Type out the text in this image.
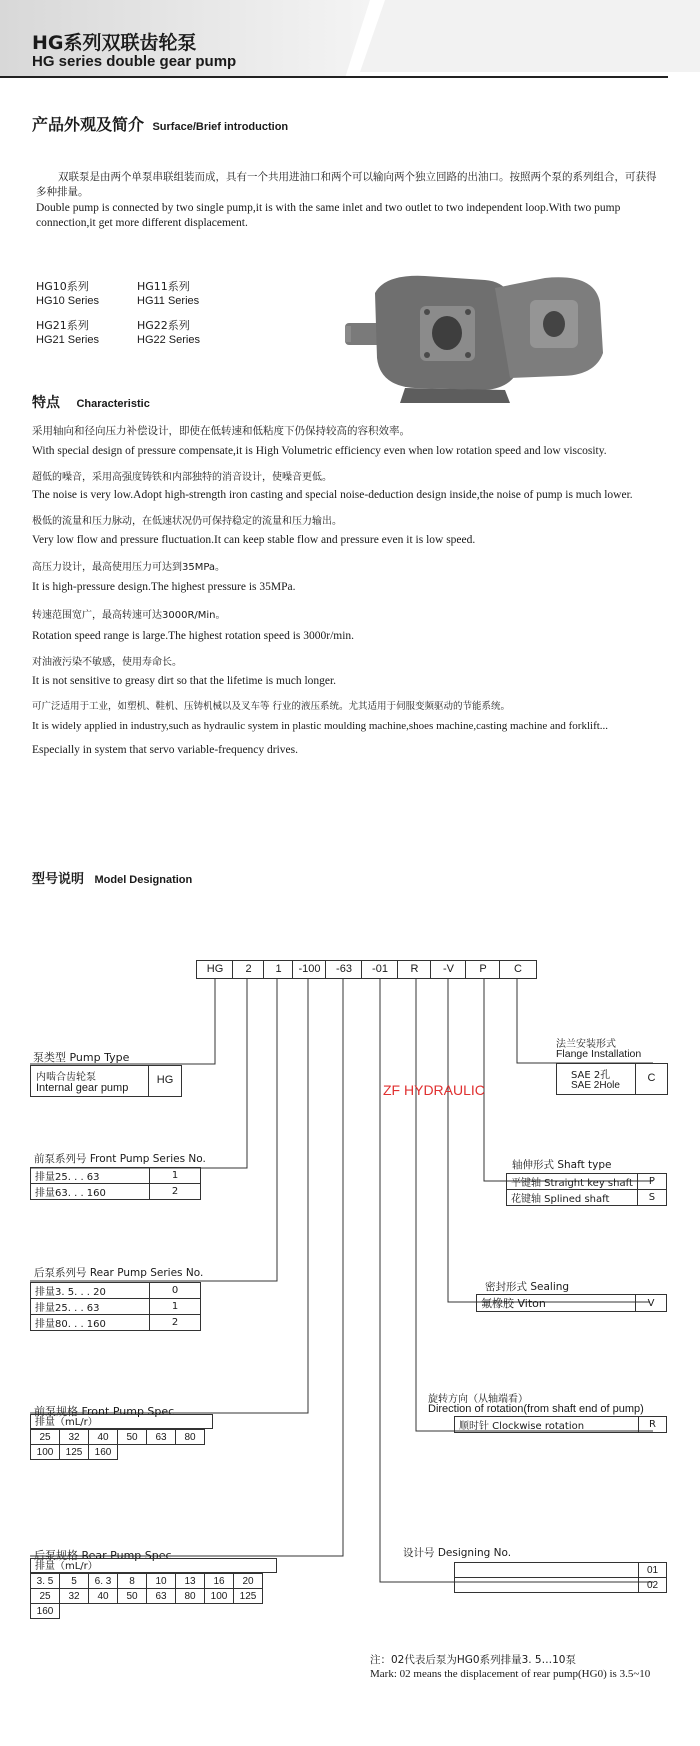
HG系列双联齿轮泵
HG series double gear pump
产品外观及简介 Surface/Brief introduction
双联泵是由两个单泵串联组装而成，具有一个共用进油口和两个可以输向两个独立回路的出油口。按照两个泵的系列组合，可获得多种排量。
Double pump is connected by two single pump,it is with the same inlet and two outlet to two independent loop.With two pump connection,it get more different displacement.
HG10系列
HG10 Series
HG11系列
HG11 Series
HG21系列
HG21 Series
HG22系列
HG22 Series
特点 Characteristic
采用轴向和径向压力补偿设计，即使在低转速和低粘度下仍保持较高的容积效率。
With special design of pressure compensate,it is High Volumetric efficiency even when low rotation speed and low viscosity.
超低的噪音，采用高强度铸铁和内部独特的消音设计，使噪音更低。
The noise is very low.Adopt high-strength iron casting and special noise-deduction design inside,the noise of pump is much lower.
极低的流量和压力脉动，在低速状况仍可保持稳定的流量和压力输出。
Very low flow and pressure fluctuation.It can keep stable flow and pressure even it is low speed.
高压力设计，最高使用压力可达到35MPa。
It is high-pressure design.The highest pressure is 35MPa.
转速范围宽广，最高转速可达3000R/Min。
Rotation speed range is large.The highest rotation speed is 3000r/min.
对油液污染不敏感，使用寿命长。
It is not sensitive to greasy dirt so that the lifetime is much longer.
可广泛适用于工业，如塑机、鞋机、压铸机械以及叉车等 行业的液压系统。尤其适用于伺服变频驱动的节能系统。
It is widely applied in industry,such as hydraulic system in plastic moulding machine,shoes machine,casting machine and forklift...
Especially in system that servo variable-frequency drives.
型号说明 Model Designation
HG	2	1	-100	-63	-01	R	-V	P	C
ZF HYDRAULIC
泵类型 Pump Type
内啮合齿轮泵
Internal gear pump
HG
前泵系列号 Front Pump Series No.
排量25. . . 63	1
排量63. . . 160	2
后泵系列号 Rear Pump Series No.
排量3. 5. . . 20	0
排量25. . . 63	1
排量80. . . 160	2
前泵规格 Front Pump Spec
排量（mL/r）
25	32	40	50	63	80
100	125	160			
后泵规格 Rear Pump Spec
排量（mL/r）
3. 5	5	6. 3	8	10	13	16	20
25	32	40	50	63	80	100	125
160							
法兰安装形式
Flange Installation
SAE 2孔
SAE 2Hole
C
轴伸形式 Shaft type
平键轴 Straight key shaft	P
花键轴 Splined shaft	S
密封形式 Sealing
氟橡胶 Viton	V
旋转方向（从轴端看）
Direction of rotation(from shaft end of pump)
顺时针 Clockwise rotation	R
设计号 Designing No.
	01
	02
注：02代表后泵为HG0系列排量3. 5…10泵
Mark: 02 means the displacement of rear pump(HG0) is 3.5~10
